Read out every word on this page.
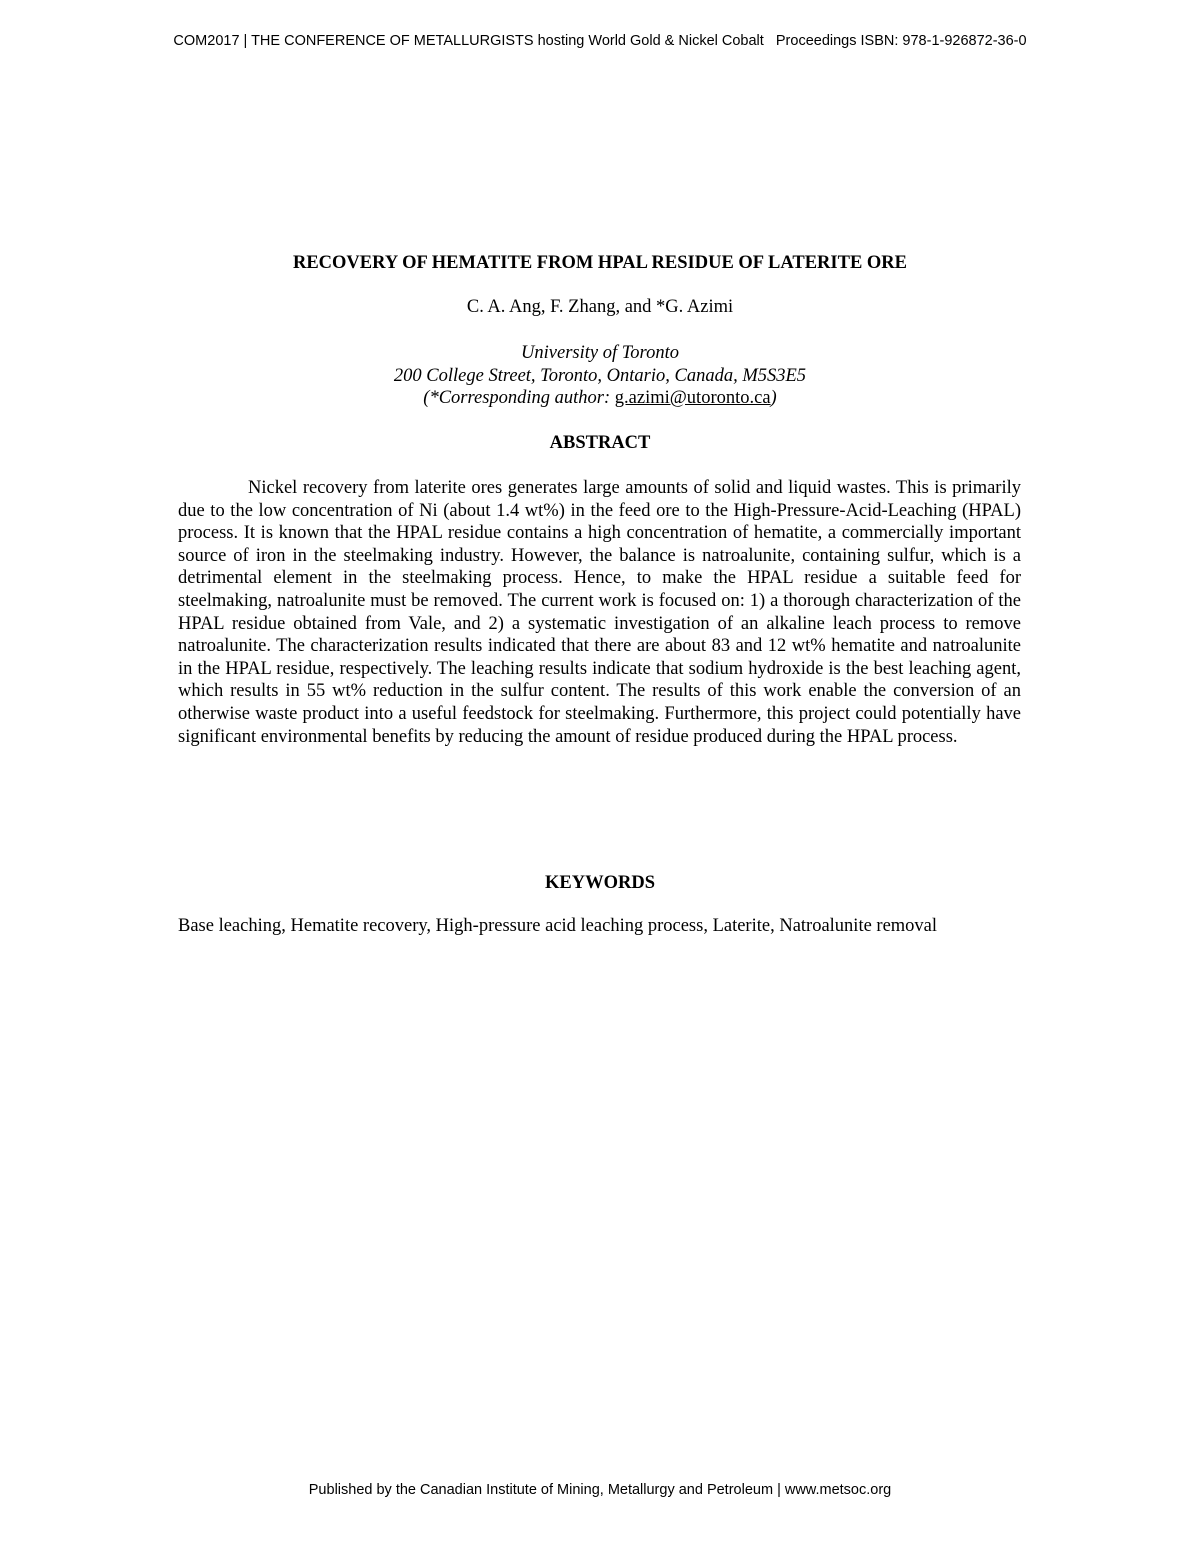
COM2017 | THE CONFERENCE OF METALLURGISTS hosting World Gold & Nickel Cobalt   Proceedings ISBN: 978-1-926872-36-0
RECOVERY OF HEMATITE FROM HPAL RESIDUE OF LATERITE ORE
C. A. Ang, F. Zhang, and *G. Azimi
University of Toronto
200 College Street, Toronto, Ontario, Canada, M5S3E5
(*Corresponding author: g.azimi@utoronto.ca)
ABSTRACT

Nickel recovery from laterite ores generates large amounts of solid and liquid wastes. This is primarily due to the low concentration of Ni (about 1.4 wt%) in the feed ore to the High-Pressure-Acid-Leaching (HPAL) process. It is known that the HPAL residue contains a high concentration of hematite, a commercially important source of iron in the steelmaking industry. However, the balance is natroalunite, containing sulfur, which is a detrimental element in the steelmaking process. Hence, to make the HPAL residue a suitable feed for steelmaking, natroalunite must be removed. The current work is focused on: 1) a thorough characterization of the HPAL residue obtained from Vale, and 2) a systematic investigation of an alkaline leach process to remove natroalunite. The characterization results indicated that there are about 83 and 12 wt% hematite and natroalunite in the HPAL residue, respectively. The leaching results indicate that sodium hydroxide is the best leaching agent, which results in 55 wt% reduction in the sulfur content. The results of this work enable the conversion of an otherwise waste product into a useful feedstock for steelmaking. Furthermore, this project could potentially have significant environmental benefits by reducing the amount of residue produced during the HPAL process.

KEYWORDS
Base leaching, Hematite recovery, High-pressure acid leaching process, Laterite, Natroalunite removal
Published by the Canadian Institute of Mining, Metallurgy and Petroleum | www.metsoc.org
